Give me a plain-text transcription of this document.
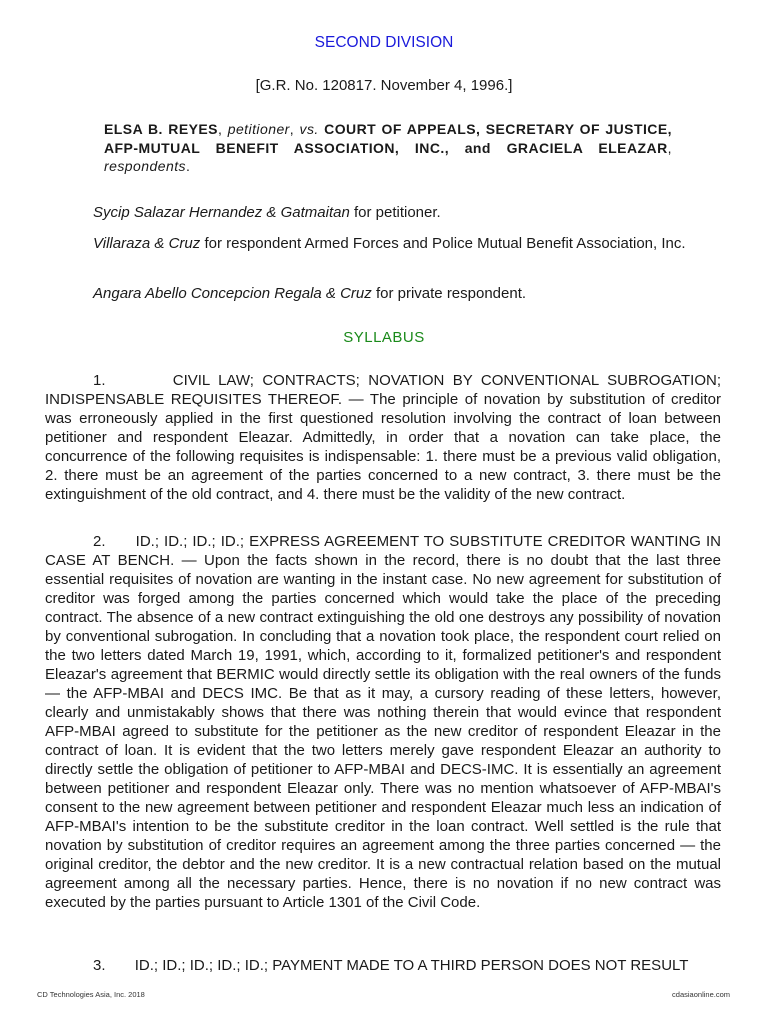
SECOND DIVISION
[G.R. No. 120817. November 4, 1996.]
ELSA B. REYES, petitioner, vs. COURT OF APPEALS, SECRETARY OF JUSTICE, AFP-MUTUAL BENEFIT ASSOCIATION, INC., and GRACIELA ELEAZAR, respondents.
Sycip Salazar Hernandez & Gatmaitan for petitioner.
Villaraza & Cruz for respondent Armed Forces and Police Mutual Benefit Association, Inc.
Angara Abello Concepcion Regala & Cruz for private respondent.
SYLLABUS
1.	CIVIL LAW; CONTRACTS; NOVATION BY CONVENTIONAL SUBROGATION; INDISPENSABLE REQUISITES THEREOF. — The principle of novation by substitution of creditor was erroneously applied in the first questioned resolution involving the contract of loan between petitioner and respondent Eleazar. Admittedly, in order that a novation can take place, the concurrence of the following requisites is indispensable: 1. there must be a previous valid obligation, 2. there must be an agreement of the parties concerned to a new contract, 3. there must be the extinguishment of the old contract, and 4. there must be the validity of the new contract.
2. ID.; ID.; ID.; ID.; EXPRESS AGREEMENT TO SUBSTITUTE CREDITOR WANTING IN CASE AT BENCH. — Upon the facts shown in the record, there is no doubt that the last three essential requisites of novation are wanting in the instant case. No new agreement for substitution of creditor was forged among the parties concerned which would take the place of the preceding contract. The absence of a new contract extinguishing the old one destroys any possibility of novation by conventional subrogation. In concluding that a novation took place, the respondent court relied on the two letters dated March 19, 1991, which, according to it, formalized petitioner's and respondent Eleazar's agreement that BERMIC would directly settle its obligation with the real owners of the funds — the AFP-MBAI and DECS IMC. Be that as it may, a cursory reading of these letters, however, clearly and unmistakably shows that there was nothing therein that would evince that respondent AFP-MBAI agreed to substitute for the petitioner as the new creditor of respondent Eleazar in the contract of loan. It is evident that the two letters merely gave respondent Eleazar an authority to directly settle the obligation of petitioner to AFP-MBAI and DECS-IMC. It is essentially an agreement between petitioner and respondent Eleazar only. There was no mention whatsoever of AFP-MBAI's consent to the new agreement between petitioner and respondent Eleazar much less an indication of AFP-MBAI's intention to be the substitute creditor in the loan contract. Well settled is the rule that novation by substitution of creditor requires an agreement among the three parties concerned — the original creditor, the debtor and the new creditor. It is a new contractual relation based on the mutual agreement among all the necessary parties. Hence, there is no novation if no new contract was executed by the parties pursuant to Article 1301 of the Civil Code.
3. ID.; ID.; ID.; ID.; ID.; PAYMENT MADE TO A THIRD PERSON DOES NOT RESULT
CD Technologies Asia, Inc. 2018	cdasiaonline.com
